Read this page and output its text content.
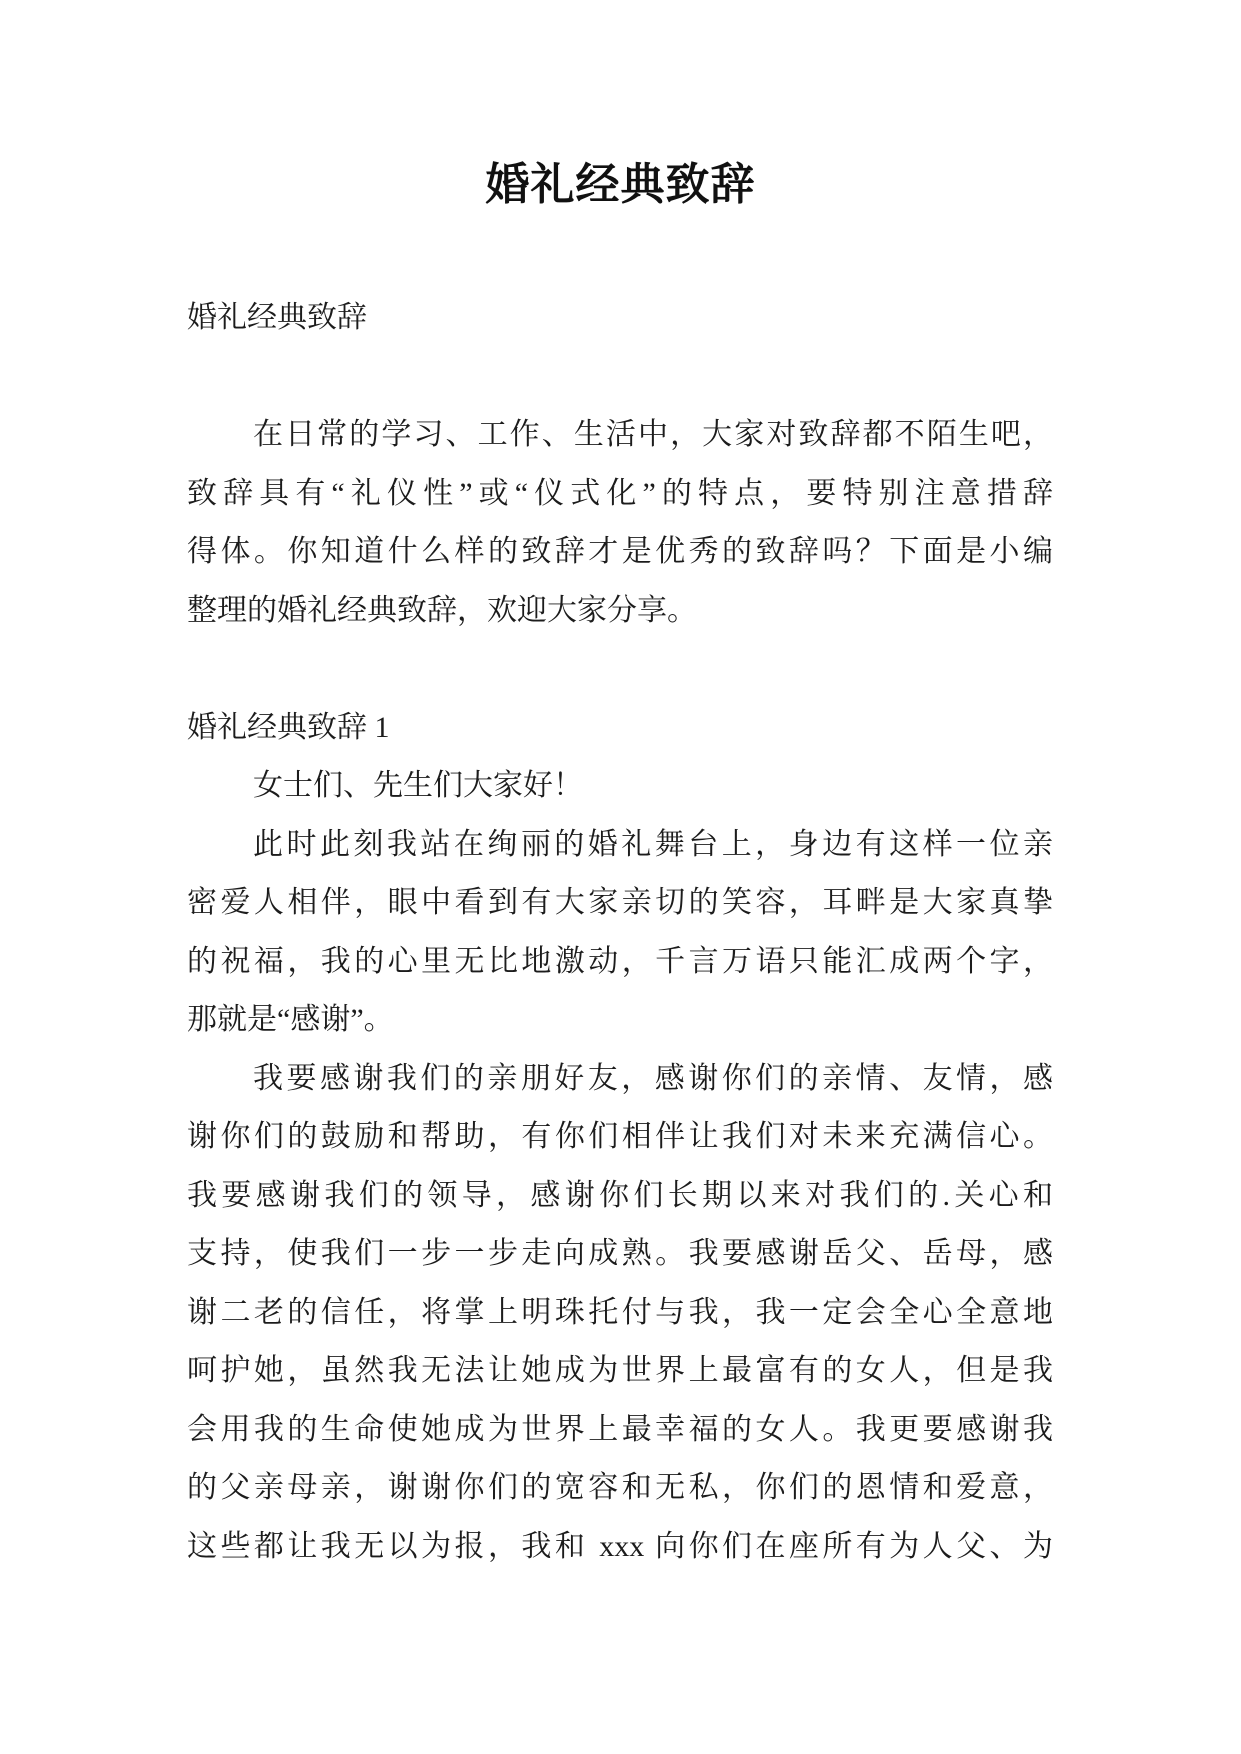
婚礼经典致辞
婚礼经典致辞
在日常的学习、工作、生活中，大家对致辞都不陌生吧，
致辞具有“礼仪性”或“仪式化”的特点，要特别注意措辞
得体。你知道什么样的致辞才是优秀的致辞吗？下面是小编
整理的婚礼经典致辞，欢迎大家分享。
婚礼经典致辞 1
女士们、先生们大家好！
此时此刻我站在绚丽的婚礼舞台上，身边有这样一位亲
密爱人相伴，眼中看到有大家亲切的笑容，耳畔是大家真挚
的祝福，我的心里无比地激动，千言万语只能汇成两个字，
那就是“感谢”。
我要感谢我们的亲朋好友，感谢你们的亲情、友情，感
谢你们的鼓励和帮助，有你们相伴让我们对未来充满信心。
我要感谢我们的领导，感谢你们长期以来对我们的.关心和
支持，使我们一步一步走向成熟。我要感谢岳父、岳母，感
谢二老的信任，将掌上明珠托付与我，我一定会全心全意地
呵护她，虽然我无法让她成为世界上最富有的女人，但是我
会用我的生命使她成为世界上最幸福的女人。我更要感谢我
的父亲母亲，谢谢你们的宽容和无私，你们的恩情和爱意，
这些都让我无以为报，我和 xxx 向你们在座所有为人父、为
